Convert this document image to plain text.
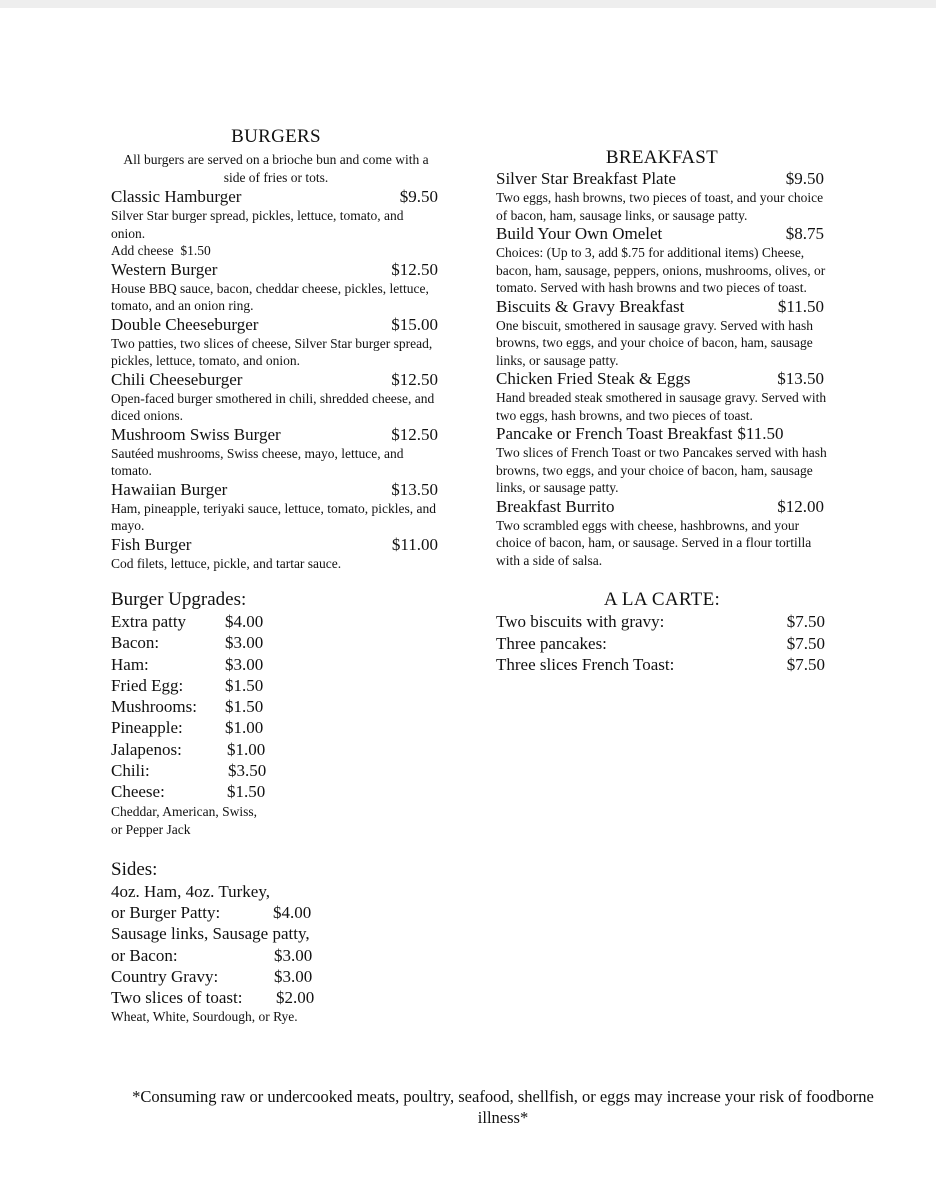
BURGERS
All burgers are served on a brioche bun and come with a side of fries or tots.
Classic Hamburger	$9.50
Silver Star burger spread, pickles, lettuce, tomato, and onion.
Add cheese  $1.50
Western Burger	$12.50
House BBQ sauce, bacon, cheddar cheese, pickles, lettuce, tomato, and an onion ring.
Double Cheeseburger	$15.00
Two patties, two slices of cheese, Silver Star burger spread, pickles, lettuce, tomato, and onion.
Chili Cheeseburger	$12.50
Open-faced burger smothered in chili, shredded cheese, and diced onions.
Mushroom Swiss Burger	$12.50
Sautéed mushrooms, Swiss cheese, mayo, lettuce, and tomato.
Hawaiian Burger	$13.50
Ham, pineapple, teriyaki sauce, lettuce, tomato, pickles, and mayo.
Fish Burger	$11.00
Cod filets, lettuce, pickle, and tartar sauce.
Burger Upgrades:
Extra patty	$4.00
Bacon:	$3.00
Ham:	$3.00
Fried Egg:	$1.50
Mushrooms:	$1.50
Pineapple:	$1.00
Jalapenos:	$1.00
Chili:	$3.50
Cheese:	$1.50
Cheddar, American, Swiss,
or Pepper Jack
Sides:
4oz. Ham, 4oz. Turkey,
or Burger Patty:	$4.00
Sausage links, Sausage patty,
or Bacon:	$3.00
Country Gravy:	$3.00
Two slices of toast:	$2.00
Wheat, White, Sourdough, or Rye.
BREAKFAST
Silver Star Breakfast Plate	$9.50
Two eggs, hash browns, two pieces of toast, and your choice of bacon, ham, sausage links, or sausage patty.
Build Your Own Omelet	$8.75
Choices: (Up to 3, add $.75 for additional items) Cheese, bacon, ham, sausage, peppers, onions, mushrooms, olives, or tomato. Served with hash browns and two pieces of toast.
Biscuits & Gravy Breakfast	$11.50
One biscuit, smothered in sausage gravy. Served with hash browns, two eggs, and your choice of bacon, ham, sausage links, or sausage patty.
Chicken Fried Steak & Eggs	$13.50
Hand breaded steak smothered in sausage gravy. Served with two eggs, hash browns, and two pieces of toast.
Pancake or French Toast Breakfast $11.50
Two slices of French Toast or two Pancakes served with hash browns, two eggs, and your choice of bacon, ham, sausage links, or sausage patty.
Breakfast Burrito	$12.00
Two scrambled eggs with cheese, hashbrowns, and your choice of bacon, ham, or sausage. Served in a flour tortilla with a side of salsa.
A LA CARTE:
Two biscuits with gravy:	$7.50
Three pancakes:	$7.50
Three slices French Toast:	$7.50
*Consuming raw or undercooked meats, poultry, seafood, shellfish, or eggs may increase your risk of foodborne illness*
